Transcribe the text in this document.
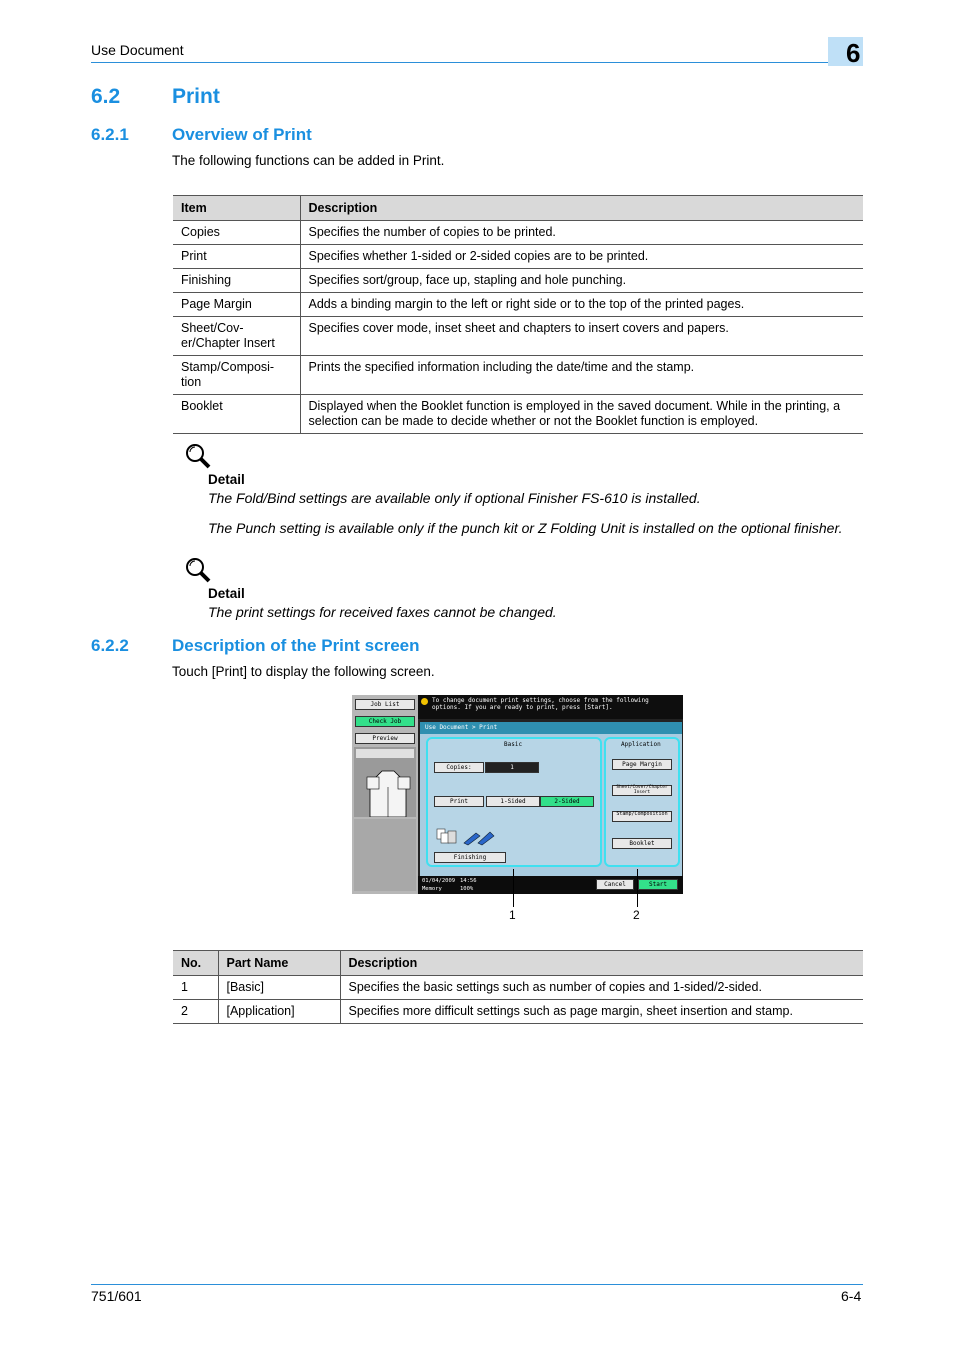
Use Document	6
6.2 Print
6.2.1	Overview of Print
The following functions can be added in Print.
Item	Description
Copies	Specifies the number of copies to be printed.
Print	Specifies whether 1-sided or 2-sided copies are to be printed.
Finishing	Specifies sort/group, face up, stapling and hole punching.
Page Margin	Adds a binding margin to the left or right side or to the top of the printed pages.
Sheet/Cov-er/Chapter Insert	Specifies cover mode, inset sheet and chapters to insert covers and papers.
Stamp/Composi-tion	Prints the specified information including the date/time and the stamp.
Booklet	Displayed when the Booklet function is employed in the saved document. While in the printing, a selection can be made to decide whether or not the Booklet function is employed.
Detail
The Fold/Bind settings are available only if optional Finisher FS-610 is installed.
The Punch setting is available only if the punch kit or Z Folding Unit is installed on the optional finisher.
Detail
The print settings for received faxes cannot be changed.
6.2.2	Description of the Print screen
Touch [Print] to display the following screen.
Job List
Check Job
Preview
To change document print settings, choose from the following options. If you are ready to print, press [Start].
Use Document > Print
Basic
Copies:	1
Print	1-Sided	2-Sided
Finishing
Application
Page Margin
Sheet/Cover/Chapter Insert
Stamp/Composition
Booklet
01/04/2009 14:56
Memory	100%
Cancel	Start
1	2
No.	Part Name	Description
1	[Basic]	Specifies the basic settings such as number of copies and 1-sided/2-sided.
2	[Application]	Specifies more difficult settings such as page margin, sheet insertion and stamp.
751/601	6-4
